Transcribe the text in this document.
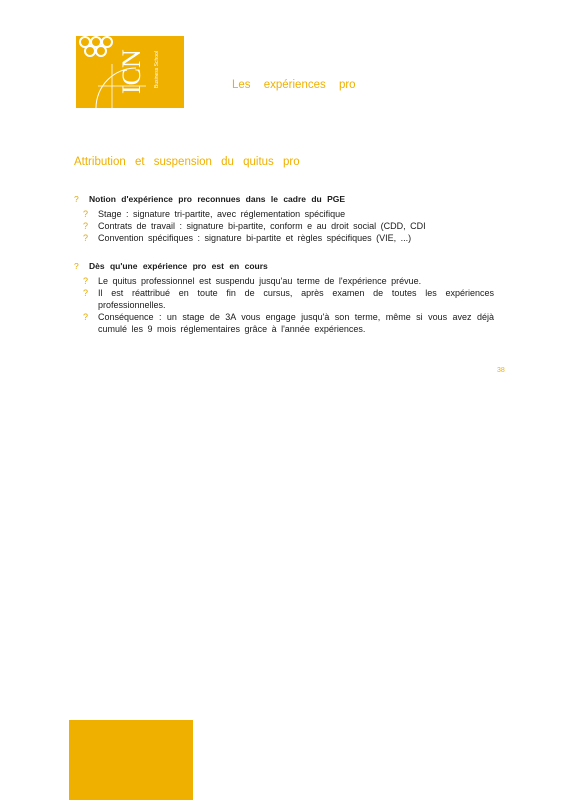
ICN Business School	Les expériences pro
Attribution et suspension du quitus pro
?	Notion d'expérience pro reconnues dans le cadre du PGE
?	Stage : signature tri-partite, avec réglementation spécifique
?	Contrats de travail : signature bi-partite, conform e au droit social (CDD, CDI
?	Convention spécifiques : signature bi-partite et règles spécifiques (VIE, ...)
?	Dès qu'une expérience pro est en cours
?	Le quitus professionnel est suspendu jusqu'au terme de l'expérience prévue.
?	Il est réattribué en toute fin de cursus, après examen de toutes les expériences professionnelles.
?	Conséquence : un stage de 3A vous engage jusqu'à son terme, même si vous avez déjà cumulé les 9 mois réglementaires grâce à l'année expériences.
38
